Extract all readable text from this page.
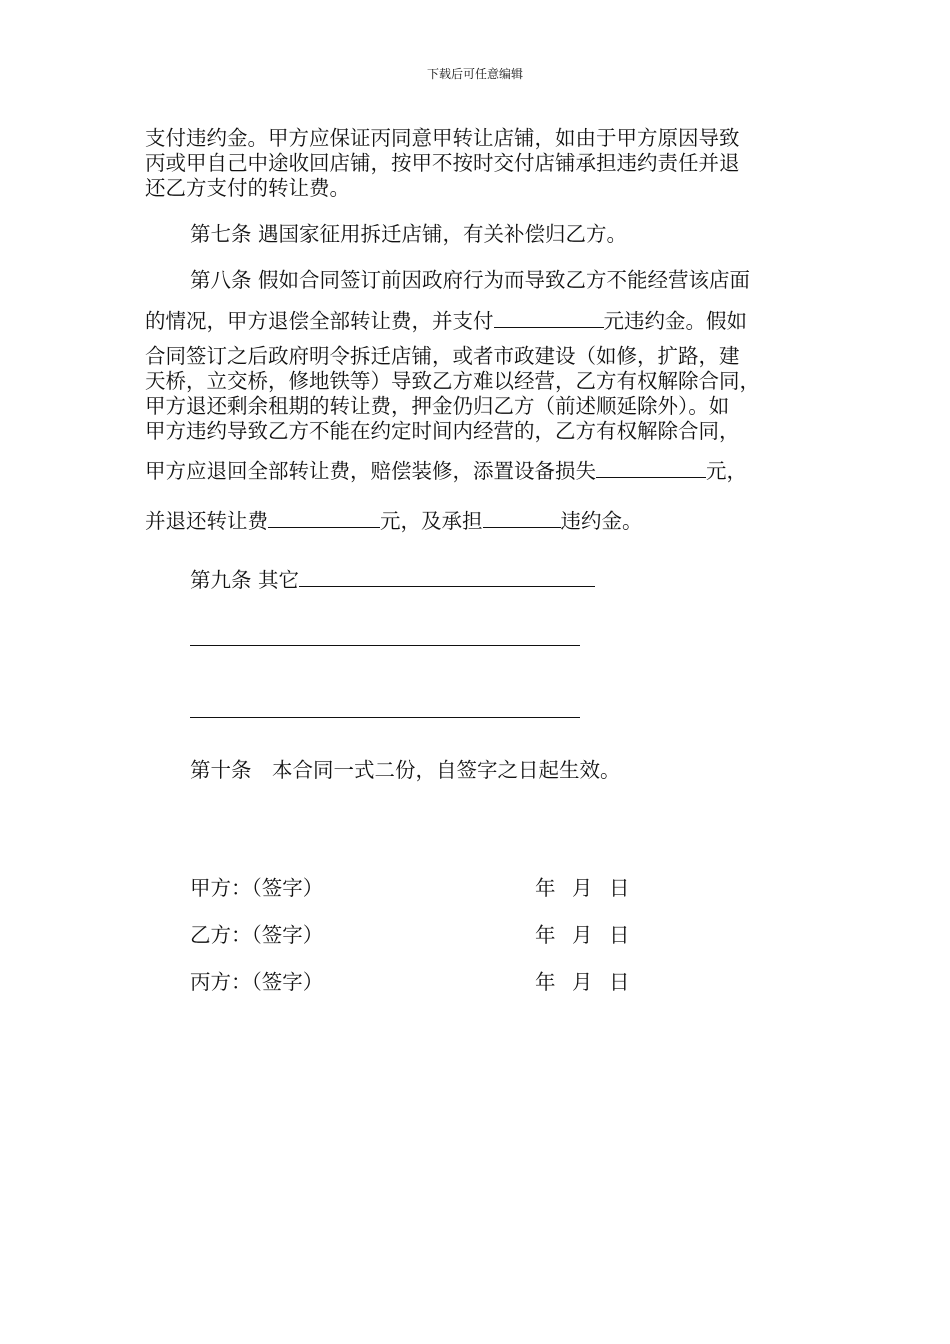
下载后可任意编辑
支付违约金。甲方应保证丙同意甲转让店铺，如由于甲方原因导致
丙或甲自己中途收回店铺，按甲不按时交付店铺承担违约责任并退
还乙方支付的转让费。
第七条 遇国家征用拆迁店铺，有关补偿归乙方。
第八条 假如合同签订前因政府行为而导致乙方不能经营该店面
的情况，甲方退偿全部转让费，并支付	元违约金。假如
合同签订之后政府明令拆迁店铺，或者市政建设（如修，扩路，建
天桥，立交桥，修地铁等）导致乙方难以经营，乙方有权解除合同，
甲方退还剩余租期的转让费，押金仍归乙方（前述顺延除外）。如
甲方违约导致乙方不能在约定时间内经营的，乙方有权解除合同，
甲方应退回全部转让费，赔偿装修，添置设备损失	元，
并退还转让费	元，及承担	违约金。
第九条 其它
第十条　本合同一式二份，自签字之日起生效。
甲方：（签字）	年 月 日
乙方：（签字）	年 月 日
丙方：（签字）	年 月 日
